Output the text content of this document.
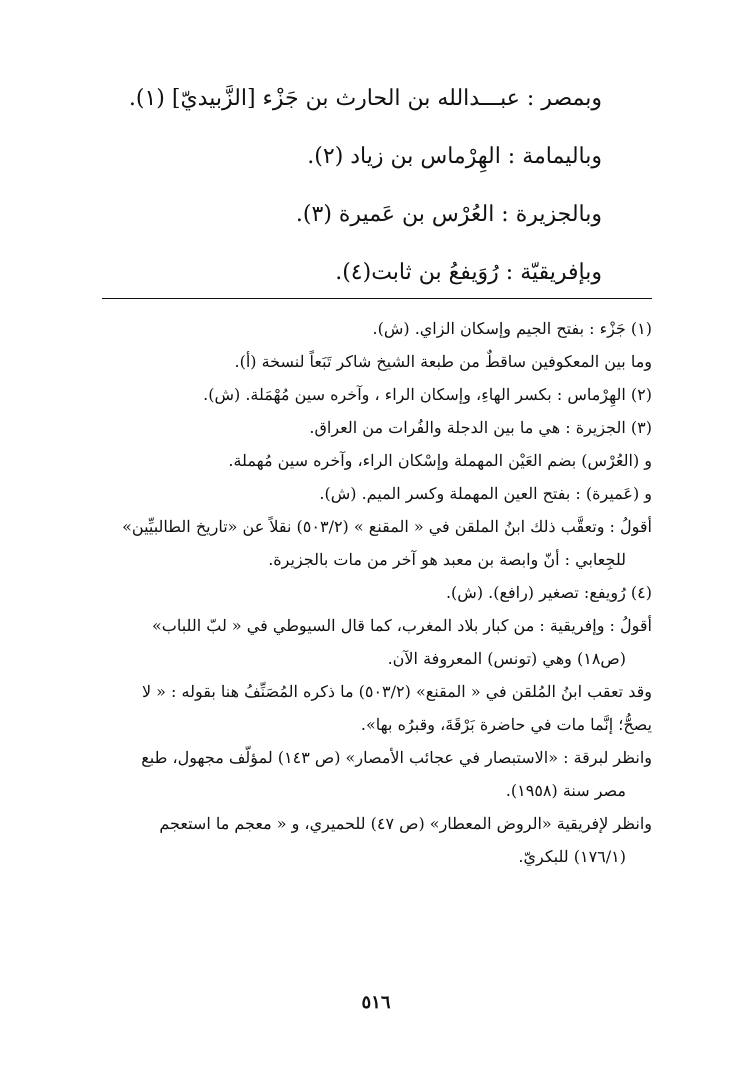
وبمصر : عبـــدالله بن الحارث بن جَزْء [الزَّبيديّ] (١).
وباليمامة : الهِرْماس بن زياد (٢).
وبالجزيرة : العُرْس بن عَميرة (٣).
وبإفريقيّة : رُوَيفعُ بن ثابت(٤).
(١) جَزْء : بفتح الجيم وإسكان الزاي. (ش).
وما بين المعكوفين ساقطٌ من طبعة الشيخ شاكر تَبَعاً لنسخة (أ).
(٢) الهِرْماس : بكسر الهاءِ، وإسكان الراء ، وآخره سين مُهْمَلة. (ش).
(٣) الجزيرة : هي ما بين الدجلة والفُرات من العراق.
و (العُرْس) بضم العَيْن المهملة وإسْكان الراء، وآخره سين مُهملة.
و (عَميرة) : بفتح العين المهملة وكسر الميم. (ش).
أقولُ : وتعقَّب ذلك ابنُ الملقن في « المقنع » (٥٠٣/٢) نقلاً عن «تاريخ الطالبيِّين»
للجِعابي : أنّ وابصة بن معبد هو آخر من مات بالجزيرة.
(٤) رُويفع: تصغير (رافع). (ش).
أقولُ : وإفريقية : من كبار بلاد المغرب، كما قال السيوطي في « لبّ اللباب»
(ص١٨) وهي (تونس) المعروفة الآن.
وقد تعقب ابنُ المُلقن في « المقنع» (٥٠٣/٢) ما ذكره المُصَنِّفُ هنا بقوله : « لا
يصحُّ؛ إنَّما مات في حاضرة بَرْقَةَ، وقبرُه بها».
وانظر لبرقة : «الاستبصار في عجائب الأمصار» (ص ١٤٣) لمؤلّف مجهول، طبع
مصر سنة (١٩٥٨).
وانظر لإفريقية «الروض المعطار» (ص ٤٧) للحميري، و « معجم ما استعجم
(١٧٦/١) للبكريّ.
٥١٦
